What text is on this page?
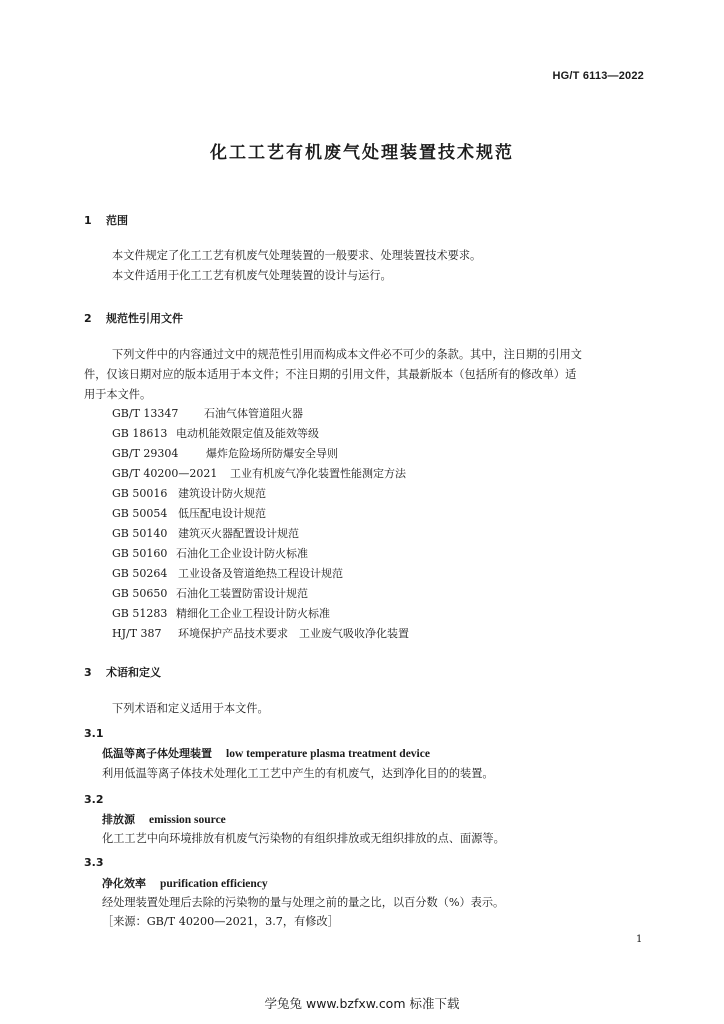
HG/T 6113—2022
化工工艺有机废气处理装置技术规范
1 范围
本文件规定了化工工艺有机废气处理装置的一般要求、处理装置技术要求。
本文件适用于化工工艺有机废气处理装置的设计与运行。
2 规范性引用文件
下列文件中的内容通过文中的规范性引用而构成本文件必不可少的条款。其中，注日期的引用文
件，仅该日期对应的版本适用于本文件；不注日期的引用文件，其最新版本（包括所有的修改单）适
用于本文件。
GB/T 13347 石油气体管道阻火器
GB 18613 电动机能效限定值及能效等级
GB/T 29304	爆炸危险场所防爆安全导则
GB/T 40200—2021 工业有机废气净化装置性能测定方法
GB 50016 建筑设计防火规范
GB 50054 低压配电设计规范
GB 50140 建筑灭火器配置设计规范
GB 50160 石油化工企业设计防火标准
GB 50264 工业设备及管道绝热工程设计规范
GB 50650 石油化工装置防雷设计规范
GB 51283 精细化工企业工程设计防火标准
HJ/T 387 环境保护产品技术要求　工业废气吸收净化装置
3 术语和定义
下列术语和定义适用于本文件。
3.1
低温等离子体处理装置 low temperature plasma treatment device
利用低温等离子体技术处理化工工艺中产生的有机废气，达到净化目的的装置。
3.2
排放源 emission source
化工工艺中向环境排放有机废气污染物的有组织排放或无组织排放的点、面源等。
3.3
净化效率 purification efficiency
经处理装置处理后去除的污染物的量与处理之前的量之比，以百分数（%）表示。
［来源：GB/T 40200—2021，3.7，有修改］
1
学兔兔 www.bzfxw.com 标准下载
